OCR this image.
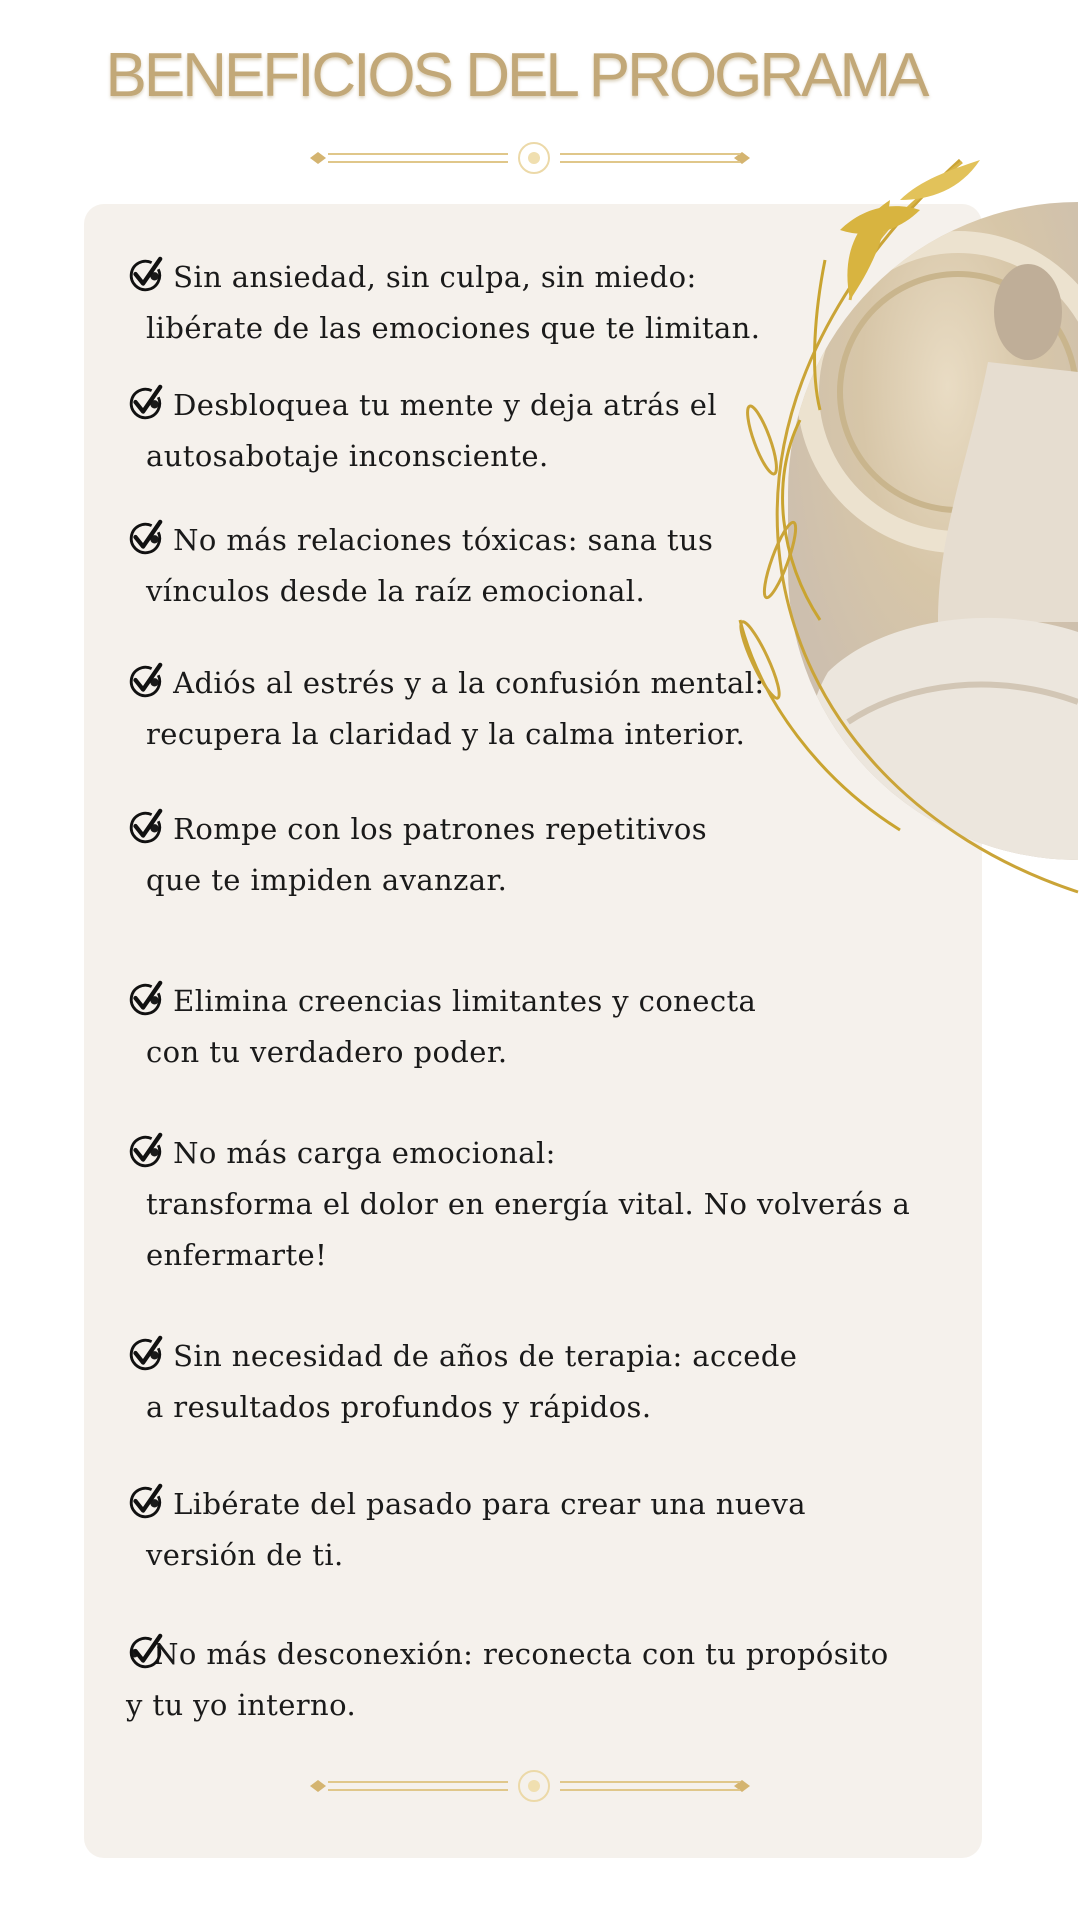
BENEFICIOS DEL PROGRAMA
• Sin ansiedad, sin culpa, sin miedo:
libérate de las emociones que te limitan.
• Desbloquea tu mente y deja atrás el
autosabotaje inconsciente.
• No más relaciones tóxicas: sana tus
vínculos desde la raíz emocional.
• Adiós al estrés y a la confusión mental:
recupera la claridad y la calma interior.
• Rompe con los patrones repetitivos
que te impiden avanzar.
• Elimina creencias limitantes y conecta
con tu verdadero poder.
• No más carga emocional:
transforma el dolor en energía vital. No volverás a
enfermarte!
• Sin necesidad de años de terapia: accede
a resultados profundos y rápidos.
• Libérate del pasado para crear una nueva
versión de ti.
• No más desconexión: reconecta con tu propósito
y tu yo interno.
